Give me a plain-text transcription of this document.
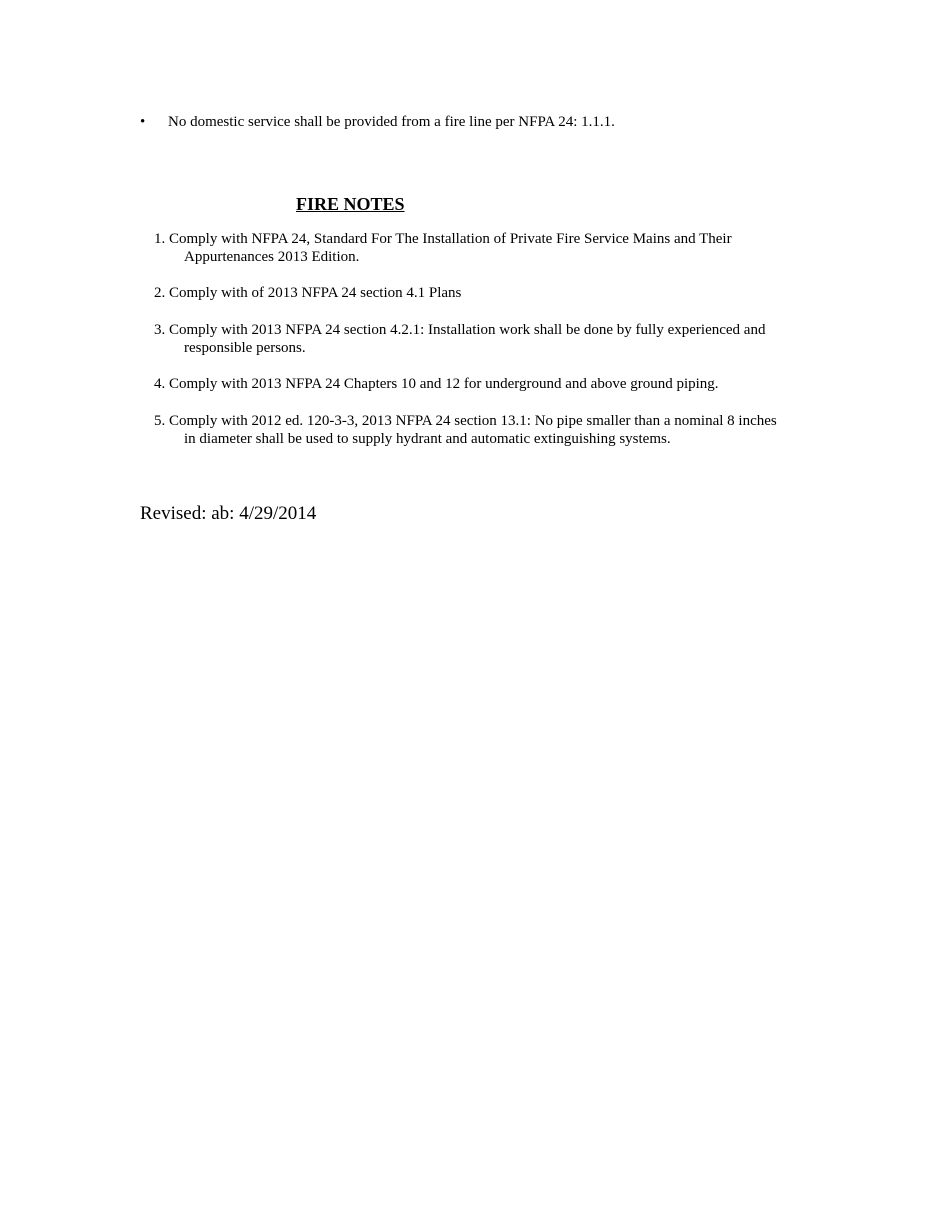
• No domestic service shall be provided from a fire line per NFPA 24: 1.1.1.
FIRE NOTES
1. Comply with NFPA 24, Standard For The Installation of Private Fire Service Mains and Their
Appurtenances 2013 Edition.
2. Comply with of 2013 NFPA 24 section 4.1 Plans
3. Comply with 2013 NFPA 24 section 4.2.1: Installation work shall be done by fully experienced and
responsible persons.
4. Comply with 2013 NFPA 24 Chapters 10 and 12 for underground and above ground piping.
5. Comply with 2012 ed. 120-3-3, 2013 NFPA 24 section 13.1: No pipe smaller than a nominal 8 inches
in diameter shall be used to supply hydrant and automatic extinguishing systems.
Revised: ab: 4/29/2014
